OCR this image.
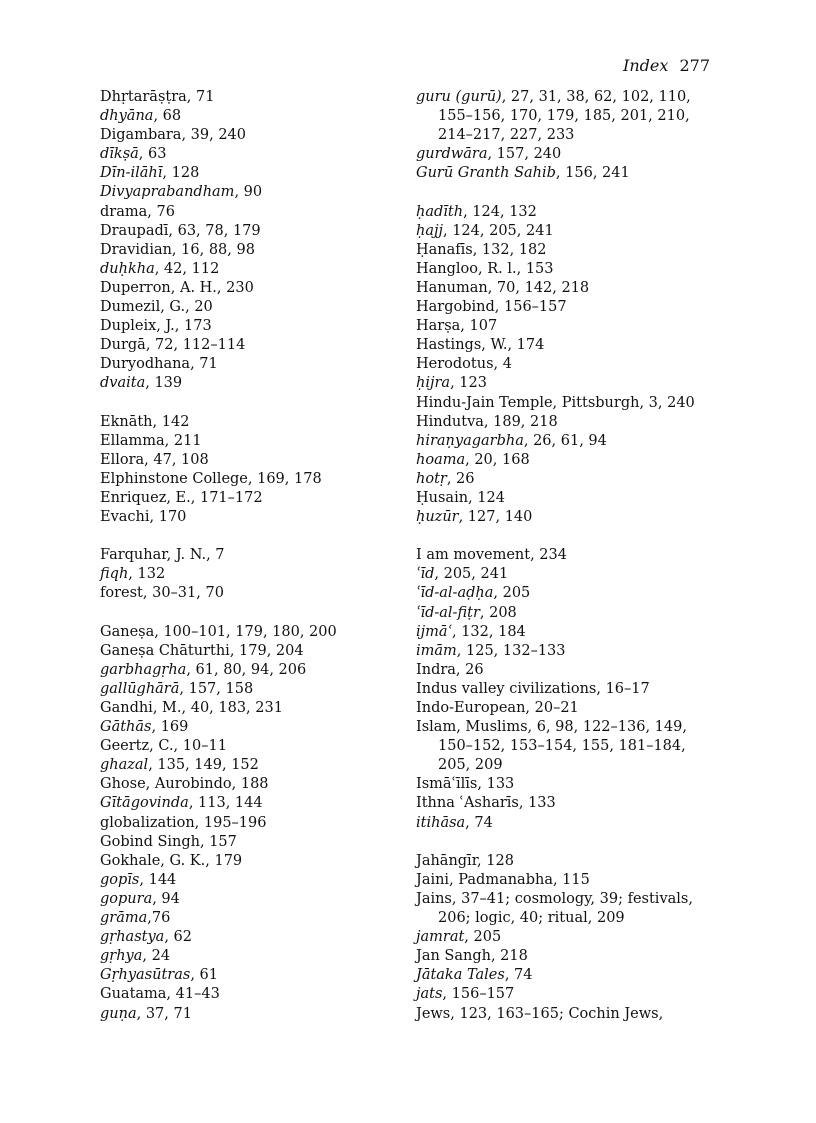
Index 277
Dhṛtarāṣṭra, 71
dhyāna, 68
Digambara, 39, 240
dīkṣā, 63
Dīn-ilāhī, 128
Divyaprabandham, 90
drama, 76
Draupadī, 63, 78, 179
Dravidian, 16, 88, 98
duḥkha, 42, 112
Duperron, A. H., 230
Dumezil, G., 20
Dupleix, J., 173
Durgā, 72, 112–114
Duryodhana, 71
dvaita, 139
Eknāth, 142
Ellamma, 211
Ellora, 47, 108
Elphinstone College, 169, 178
Enriquez, E., 171–172
Evachi, 170
Farquhar, J. N., 7
fiqh, 132
forest, 30–31, 70
Ganeṣa, 100–101, 179, 180, 200
Ganeṣa Chāturthi, 179, 204
garbhagṛha, 61, 80, 94, 206
gallūghārā, 157, 158
Gandhi, M., 40, 183, 231
Gāthās, 169
Geertz, C., 10–11
ghazal, 135, 149, 152
Ghose, Aurobindo, 188
Gītāgovinda, 113, 144
globalization, 195–196
Gobind Singh, 157
Gokhale, G. K., 179
gopīs, 144
gopura, 94
grāma,76
gṛhastya, 62
gṛhya, 24
Gṛhyasūtras, 61
Guatama, 41–43
guṇa, 37, 71
guru (gurū), 27, 31, 38, 62, 102, 110, 155–156, 170, 179, 185, 201, 210, 214–217, 227, 233
gurdwāra, 157, 240
Gurū Granth Sahib, 156, 241
ḥadīth, 124, 132
ḥajj, 124, 205, 241
Ḥanafīs, 132, 182
Hangloo, R. l., 153
Hanuman, 70, 142, 218
Hargobind, 156–157
Harṣa, 107
Hastings, W., 174
Herodotus, 4
ḥijra, 123
Hindu-Jain Temple, Pittsburgh, 3, 240
Hindutva, 189, 218
hiraṇyagarbha, 26, 61, 94
hoama, 20, 168
hotṛ, 26
Ḥusain, 124
ḥuzūr, 127, 140
I am movement, 234
ʿīd, 205, 241
ʿīd-al-aḍḥa, 205
ʿīd-al-fiṭr, 208
ijmāʿ, 132, 184
imām, 125, 132–133
Indra, 26
Indus valley civilizations, 16–17
Indo-European, 20–21
Islam, Muslims, 6, 98, 122–136, 149, 150–152, 153–154, 155, 181–184, 205, 209
Ismāʿīlīs, 133
Ithna ʿAsharīs, 133
itihāsa, 74
Jahāngīr, 128
Jaini, Padmanabha, 115
Jains, 37–41; cosmology, 39; festivals, 206; logic, 40; ritual, 209
jamrat, 205
Jan Sangh, 218
Jātaka Tales, 74
jats, 156–157
Jews, 123, 163–165; Cochin Jews,
